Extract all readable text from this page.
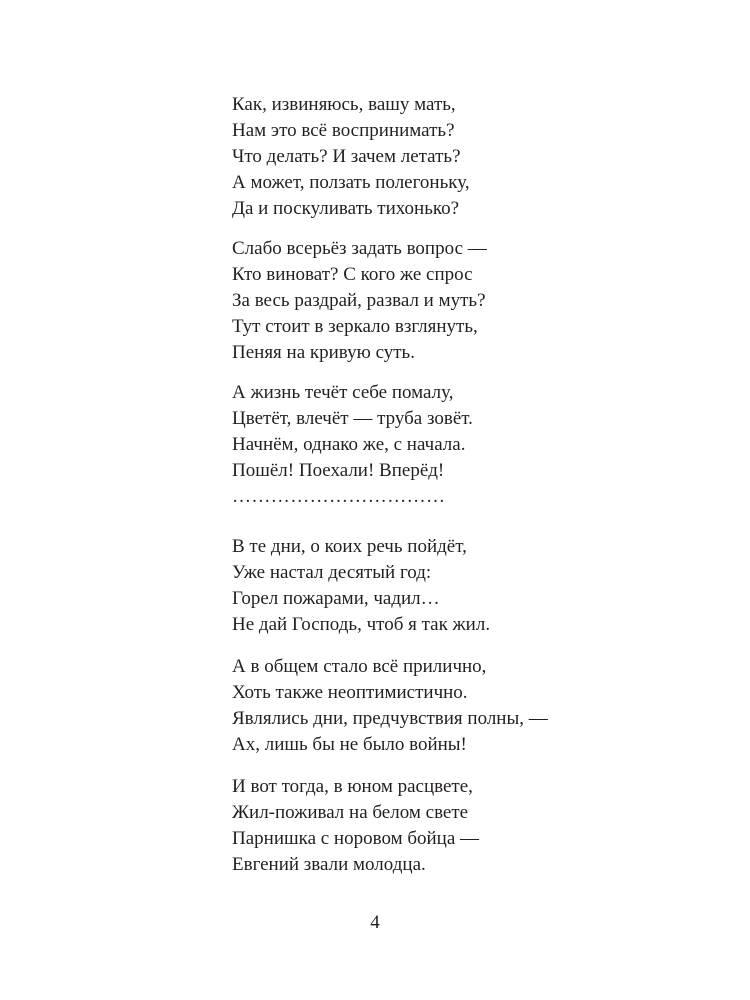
Как, извиняюсь, вашу мать,
Нам это всё воспринимать?
Что делать? И зачем летать?
А может, ползать полегоньку,
Да и поскуливать тихонько?
Слабо всерьёз задать вопрос —
Кто виноват? С кого же спрос
За весь раздрай, развал и муть?
Тут стоит в зеркало взглянуть,
Пеняя на кривую суть.
А жизнь течёт себе помалу,
Цветёт, влечёт — труба зовёт.
Начнём, однако же, с начала.
Пошёл! Поехали! Вперёд!
……………………………
В те дни, о коих речь пойдёт,
Уже настал десятый год:
Горел пожарами, чадил…
Не дай Господь, чтоб я так жил.
А в общем стало всё прилично,
Хоть также неоптимистично.
Являлись дни, предчувствия полны, —
Ах, лишь бы не было войны!
И вот тогда, в юном расцвете,
Жил-поживал на белом свете
Парнишка с норовом бойца —
Евгений звали молодца.
4
